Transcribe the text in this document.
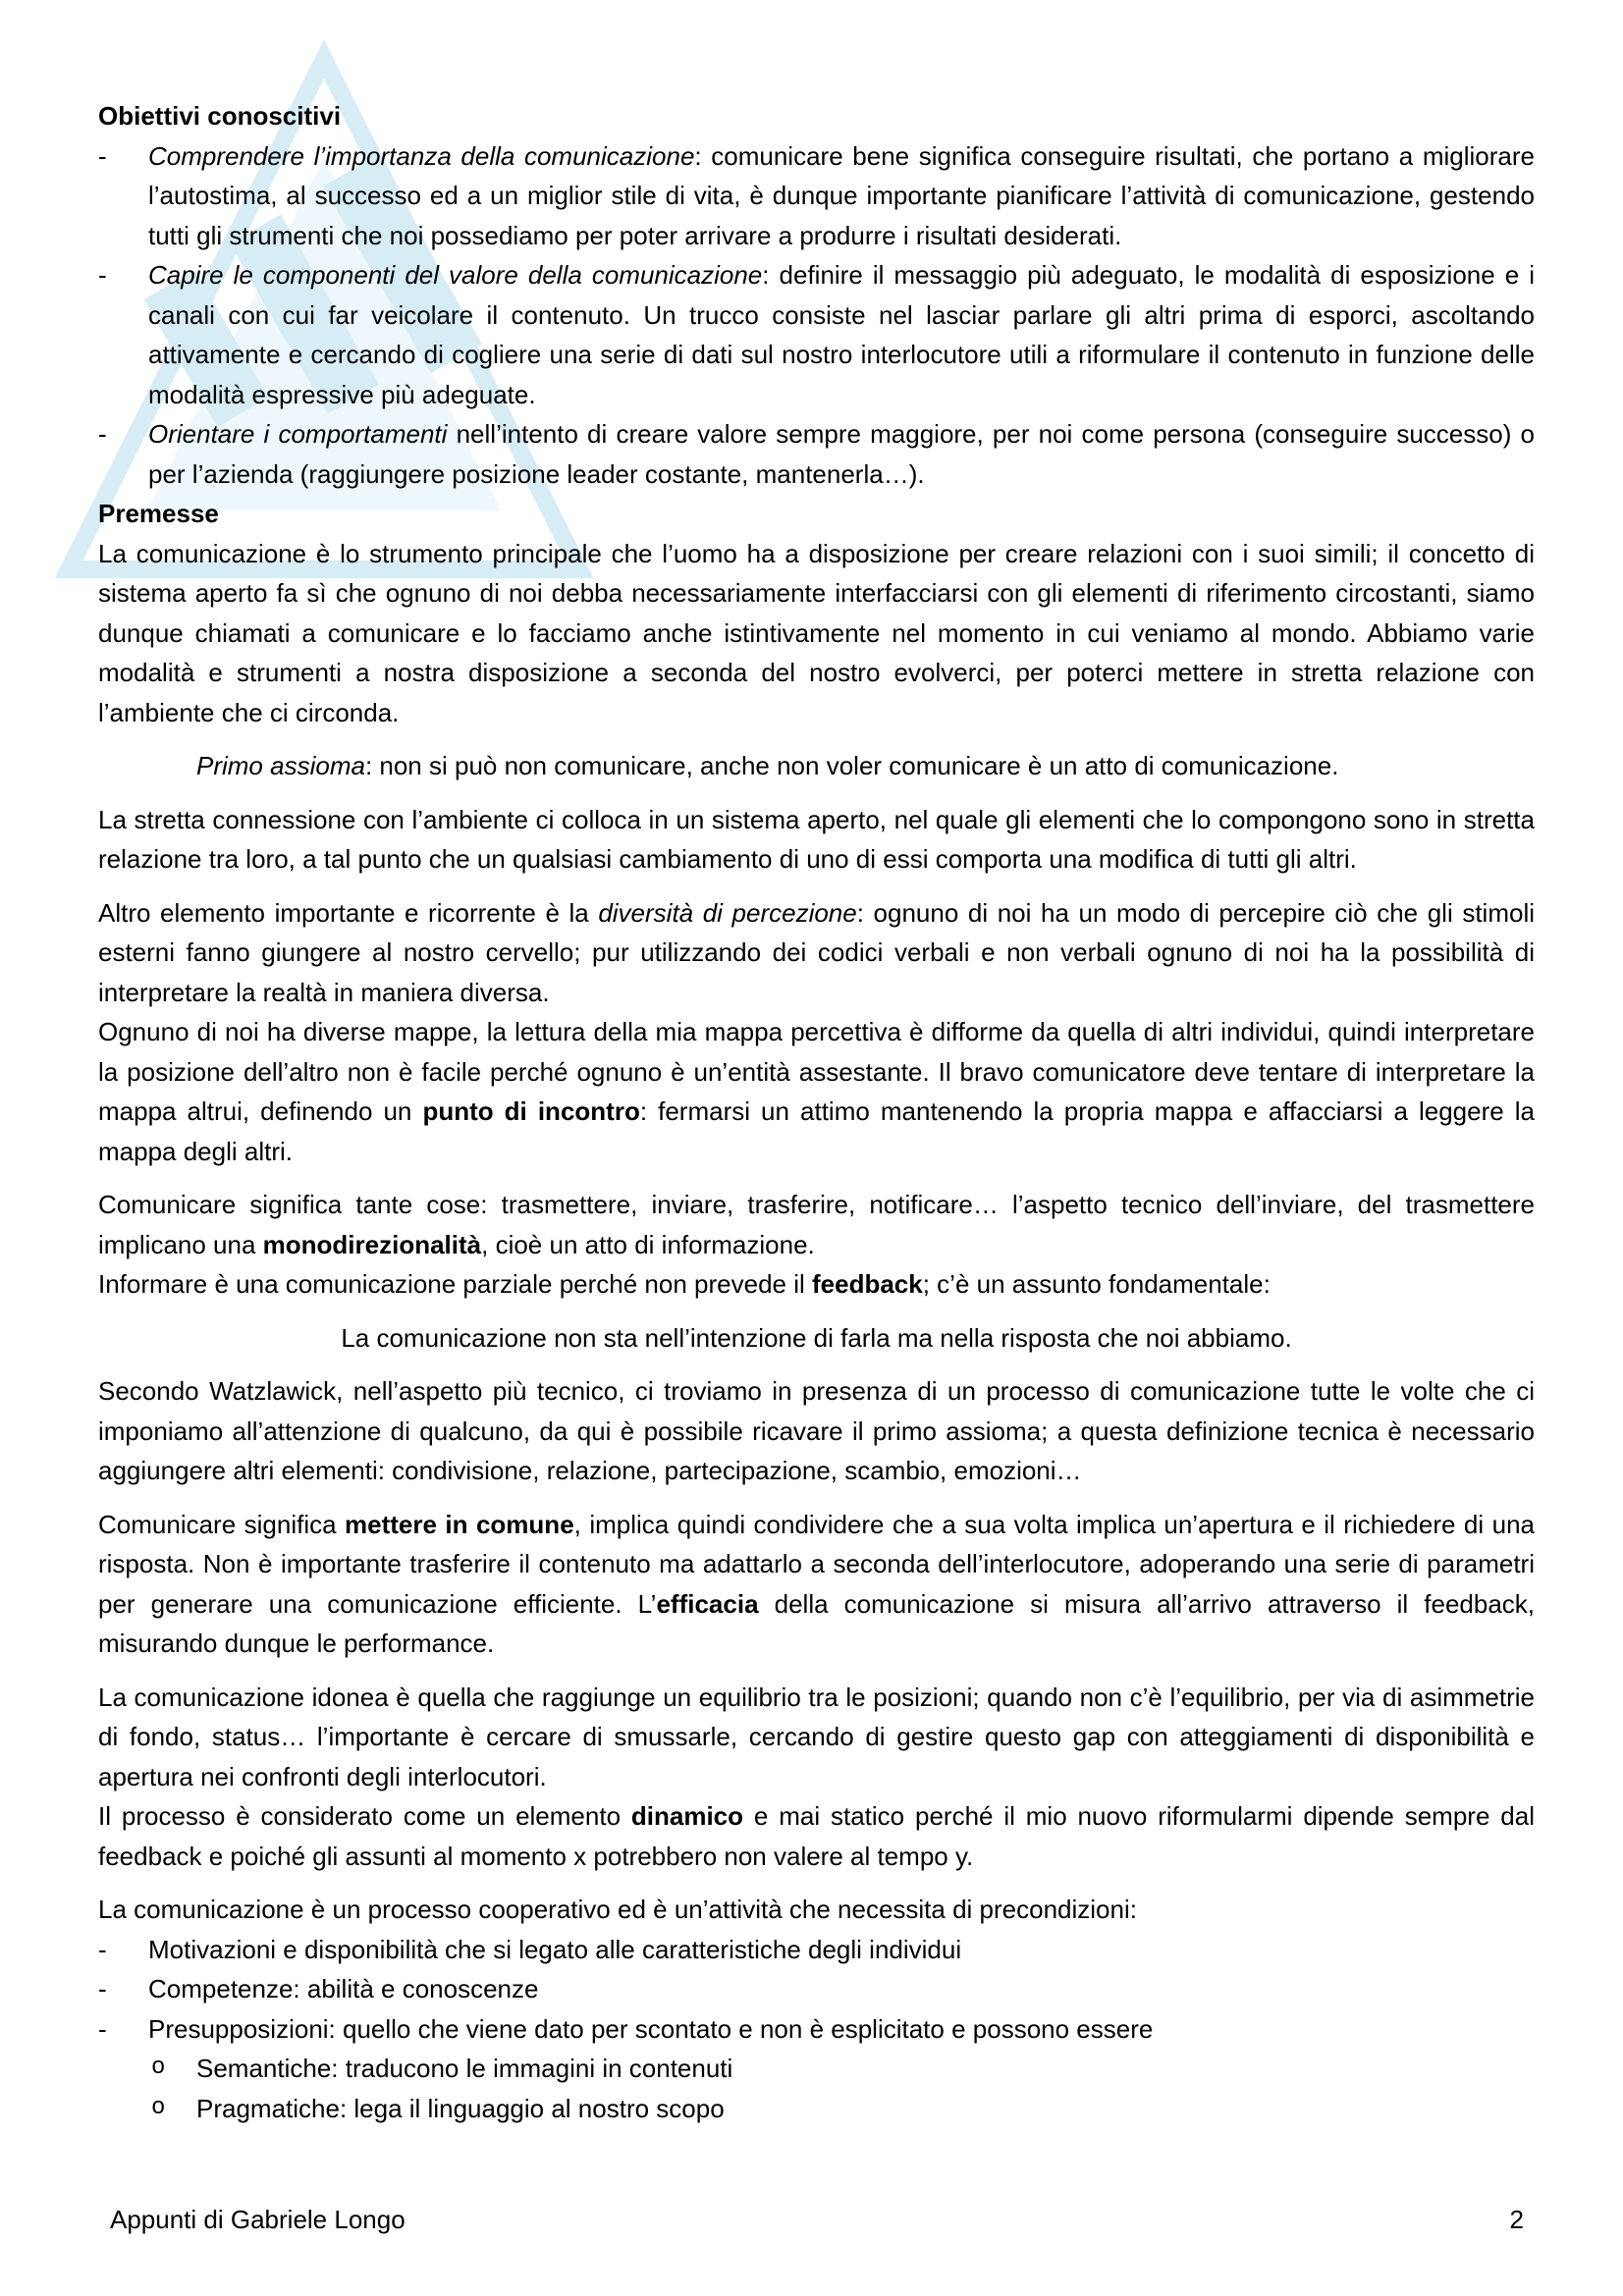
Obiettivi conoscitivi

- Comprendere l’importanza della comunicazione: comunicare bene significa conseguire risultati, che portano a migliorare l’autostima, al successo ed a un miglior stile di vita, è dunque importante pianificare l’attività di comunicazione, gestendo tutti gli strumenti che noi possediamo per poter arrivare a produrre i risultati desiderati.
- Capire le componenti del valore della comunicazione: definire il messaggio più adeguato, le modalità di esposizione e i canali con cui far veicolare il contenuto. Un trucco consiste nel lasciar parlare gli altri prima di esporci, ascoltando attivamente e cercando di cogliere una serie di dati sul nostro interlocutore utili a riformulare il contenuto in funzione delle modalità espressive più adeguate.
- Orientare i comportamenti nell’intento di creare valore sempre maggiore, per noi come persona (conseguire successo) o per l’azienda (raggiungere posizione leader costante, mantenerla…).

Premesse

La comunicazione è lo strumento principale che l’uomo ha a disposizione per creare relazioni con i suoi simili; il concetto di sistema aperto fa sì che ognuno di noi debba necessariamente interfacciarsi con gli elementi di riferimento circostanti, siamo dunque chiamati a comunicare e lo facciamo anche istintivamente nel momento in cui veniamo al mondo. Abbiamo varie modalità e strumenti a nostra disposizione a seconda del nostro evolverci, per poterci mettere in stretta relazione con l’ambiente che ci circonda.

Primo assioma: non si può non comunicare, anche non voler comunicare è un atto di comunicazione.

La stretta connessione con l’ambiente ci colloca in un sistema aperto, nel quale gli elementi che lo compongono sono in stretta relazione tra loro, a tal punto che un qualsiasi cambiamento di uno di essi comporta una modifica di tutti gli altri.

Altro elemento importante e ricorrente è la diversità di percezione: ognuno di noi ha un modo di percepire ciò che gli stimoli esterni fanno giungere al nostro cervello; pur utilizzando dei codici verbali e non verbali ognuno di noi ha la possibilità di interpretare la realtà in maniera diversa.

Ognuno di noi ha diverse mappe, la lettura della mia mappa percettiva è difforme da quella di altri individui, quindi interpretare la posizione dell’altro non è facile perché ognuno è un’entità assestante. Il bravo comunicatore deve tentare di interpretare la mappa altrui, definendo un punto di incontro: fermarsi un attimo mantenendo la propria mappa e affacciarsi a leggere la mappa degli altri.

Comunicare significa tante cose: trasmettere, inviare, trasferire, notificare… l’aspetto tecnico dell’inviare, del trasmettere implicano una monodirezionalità, cioè un atto di informazione.

Informare è una comunicazione parziale perché non prevede il feedback; c’è un assunto fondamentale:

La comunicazione non sta nell’intenzione di farla ma nella risposta che noi abbiamo.

Secondo Watzlawick, nell’aspetto più tecnico, ci troviamo in presenza di un processo di comunicazione tutte le volte che ci imponiamo all’attenzione di qualcuno, da qui è possibile ricavare il primo assioma; a questa definizione tecnica è necessario aggiungere altri elementi: condivisione, relazione, partecipazione, scambio, emozioni…

Comunicare significa mettere in comune, implica quindi condividere che a sua volta implica un’apertura e il richiedere di una risposta. Non è importante trasferire il contenuto ma adattarlo a seconda dell’interlocutore, adoperando una serie di parametri per generare una comunicazione efficiente. L’efficacia della comunicazione si misura all’arrivo attraverso il feedback, misurando dunque le performance.

La comunicazione idonea è quella che raggiunge un equilibrio tra le posizioni; quando non c’è l’equilibrio, per via di asimmetrie di fondo, status… l’importante è cercare di smussarle, cercando di gestire questo gap con atteggiamenti di disponibilità e apertura nei confronti degli interlocutori.

Il processo è considerato come un elemento dinamico e mai statico perché il mio nuovo riformularmi dipende sempre dal feedback e poiché gli assunti al momento x potrebbero non valere al tempo y.

La comunicazione è un processo cooperativo ed è un’attività che necessita di precondizioni:

- Motivazioni e disponibilità che si legato alle caratteristiche degli individui
- Competenze: abilità e conoscenze
- Presupposizioni: quello che viene dato per scontato e non è esplicitato e possono essere
o Semantiche: traducono le immagini in contenuti
o Pragmatiche: lega il linguaggio al nostro scopo
Appunti di Gabriele Longo	2
